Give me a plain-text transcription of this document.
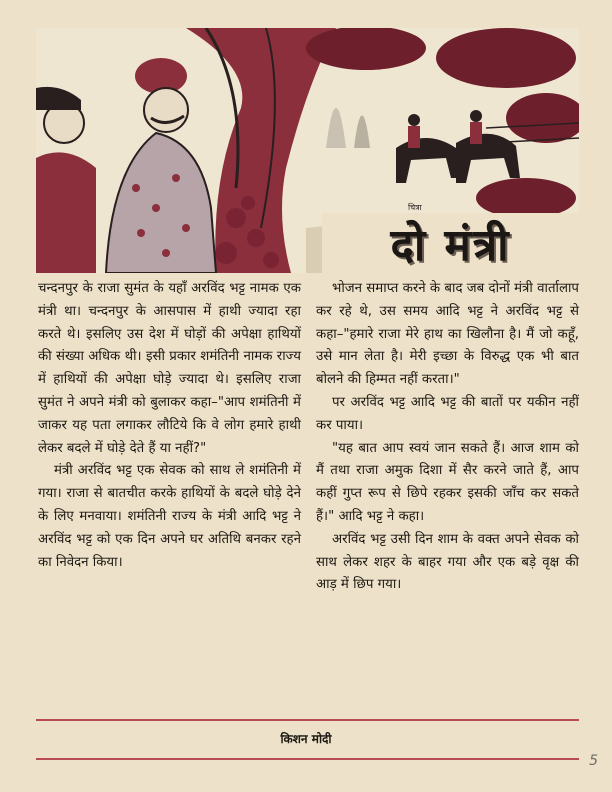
चित्रा
दो मंत्री

चन्दनपुर के राजा सुमंत के यहाँ अरविंद भट्ट नामक एक मंत्री था। चन्दनपुर के आसपास में हाथी ज्यादा रहा करते थे। इसलिए उस देश में घोड़ों की अपेक्षा हाथियों की संख्या अधिक थी। इसी प्रकार शमंतिनी नामक राज्य में हाथियों की अपेक्षा घोड़े ज्यादा थे। इसलिए राजा सुमंत ने अपने मंत्री को बुलाकर कहा–"आप शमंतिनी में जाकर यह पता लगाकर लौटिये कि वे लोग हमारे हाथी लेकर बदले में घोड़े देते हैं या नहीं?"

मंत्री अरविंद भट्ट एक सेवक को साथ ले शमंतिनी में गया। राजा से बातचीत करके हाथियों के बदले घोड़े देने के लिए मनवाया। शमंतिनी राज्य के मंत्री आदि भट्ट ने अरविंद भट्ट को एक दिन अपने घर अतिथि बनकर रहने का निवेदन किया।

भोजन समाप्त करने के बाद जब दोनों मंत्री वार्तालाप कर रहे थे, उस समय आदि भट्ट ने अरविंद भट्ट से कहा–"हमारे राजा मेरे हाथ का खिलौना है। मैं जो कहूँ, उसे मान लेता है। मेरी इच्छा के विरुद्ध एक भी बात बोलने की हिम्मत नहीं करता।"

पर अरविंद भट्ट आदि भट्ट की बातों पर यकीन नहीं कर पाया।

"यह बात आप स्वयं जान सकते हैं। आज शाम को मैं तथा राजा अमुक दिशा में सैर करने जाते हैं, आप कहीं गुप्त रूप से छिपे रहकर इसकी जाँच कर सकते हैं।" आदि भट्ट ने कहा।

अरविंद भट्ट उसी दिन शाम के वक्त अपने सेवक को साथ लेकर शहर के बाहर गया और एक बड़े वृक्ष की आड़ में छिप गया।

किशन मोदी
5
